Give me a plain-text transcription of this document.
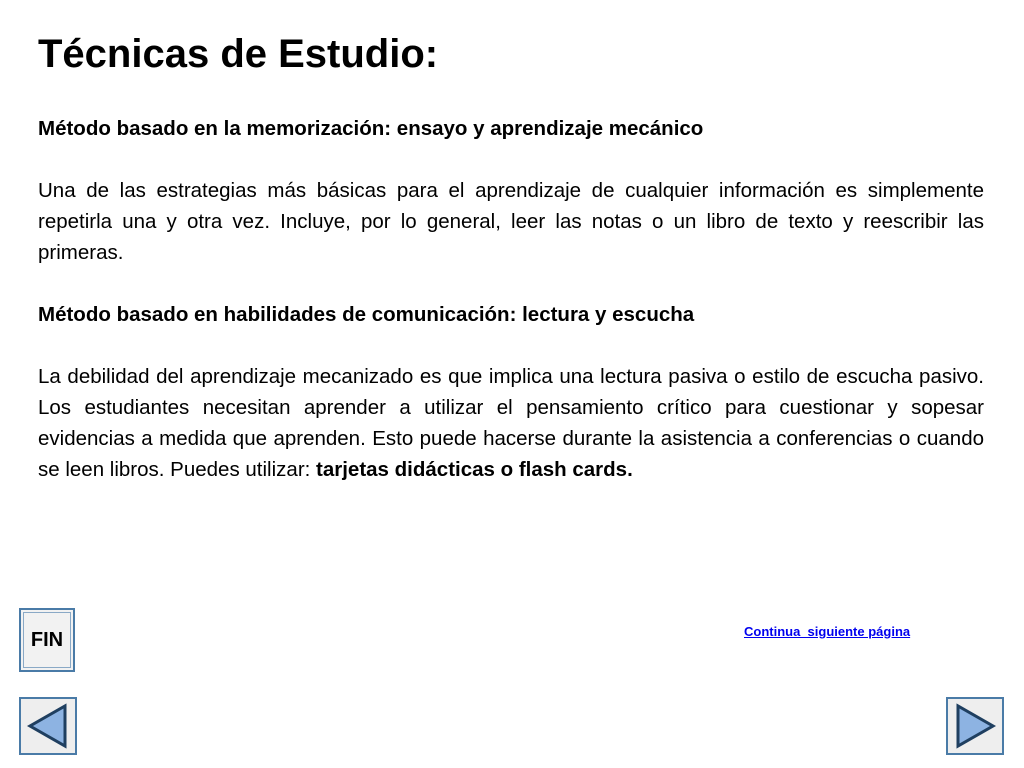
Técnicas de Estudio:

Método basado en la memorización: ensayo y aprendizaje mecánico

Una de las estrategias más básicas para el aprendizaje de cualquier información es simplemente repetirla una y otra vez. Incluye, por lo general, leer las notas o un libro de texto y reescribir las primeras.

Método basado en habilidades de comunicación: lectura y escucha

La debilidad del aprendizaje mecanizado es que implica una lectura pasiva o estilo de escucha pasivo. Los estudiantes necesitan aprender a utilizar el pensamiento crítico para cuestionar y sopesar evidencias a medida que aprenden. Esto puede hacerse durante la asistencia a conferencias o cuando se leen libros. Puedes utilizar: tarjetas didácticas o flash cards.

FIN	Continua  siguiente página
